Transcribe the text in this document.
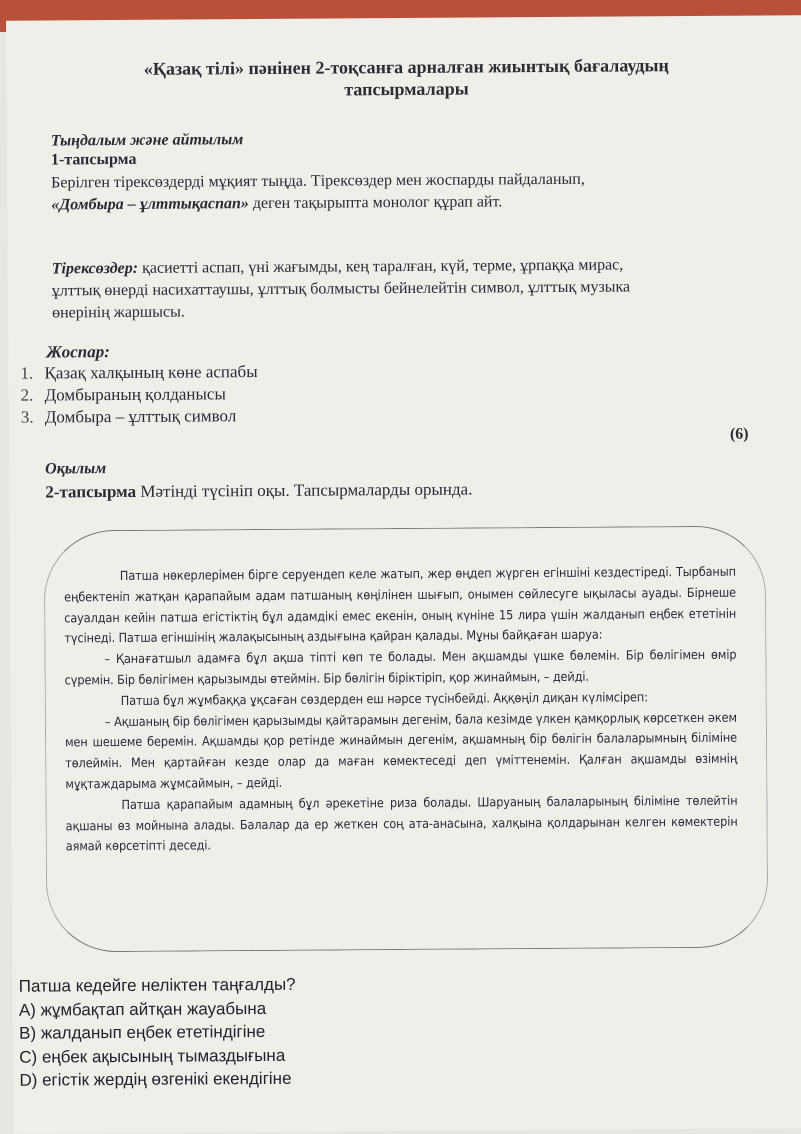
«Қазақ тілі» пәнінен 2-тоқсанға арналған жиынтық бағалаудың
тапсырмалары
Тыңдалым және айтылым
1-тапсырма
Берілген тірексөздерді мұқият тыңда. Тірексөздер мен жоспарды пайдаланып,
«Домбыра – ұлттықаспап» деген тақырыпта монолог құрап айт.
Тірексөздер: қасиетті аспап, үні жағымды, кең таралған, күй, терме, ұрпаққа мирас,
ұлттық өнерді насихаттаушы, ұлттық болмысты бейнелейтін символ, ұлттық музыка
өнерінің жаршысы.
Жоспар:
1. Қазақ халқының көне аспабы
2. Домбыраның қолданысы
3. Домбыра – ұлттық символ
(6)
Оқылым
2-тапсырма Мәтінді түсініп оқы. Тапсырмаларды орында.

Патша нөкерлерімен бірге серуендеп келе жатып, жер өңдеп жүрген егіншіні кездестіреді. Тырбанып еңбектеніп жатқан қарапайым адам патшаның көңілінен шығып, онымен сөйлесуге ықыласы ауады. Бірнеше сауалдан кейін патша егістіктің бұл адамдікі емес екенін, оның күніне 15 лира үшін жалданып еңбек ететінін түсінеді. Патша егіншінің жалақысының аздығына қайран қалады. Мұны байқаған шаруа:

– Қанағатшыл адамға бұл ақша тіпті көп те болады. Мен ақшамды үшке бөлемін. Бір бөлігімен өмір сүремін. Бір бөлігімен қарызымды өтеймін. Бір бөлігін біріктіріп, қор жинаймын, – дейді.

Патша бұл жұмбаққа ұқсаған сөздерден еш нәрсе түсінбейді. Аққөңіл диқан күлімсіреп:

– Ақшаның бір бөлігімен қарызымды қайтарамын дегенім, бала кезімде үлкен қамқорлық көрсеткен әкем мен шешеме беремін. Ақшамды қор ретінде жинаймын дегенім, ақшамның бір бөлігін балаларымның біліміне төлеймін. Мен қартайған кезде олар да маған көмектеседі деп үміттенемін. Қалған ақшамды өзімнің мұқтаждарыма жұмсаймын, – дейді.

Патша қарапайым адамның бұл әрекетіне риза болады. Шаруаның балаларының біліміне төлейтін ақшаны өз мойнына алады. Балалар да ер жеткен соң ата-анасына, халқына қолдарынан келген көмектерін аямай көрсетіпті деседі.

Патша кедейге неліктен таңғалды?
A) жұмбақтап айтқан жауабына
B) жалданып еңбек ететіндігіне
C) еңбек ақысының тымаздығына
D) егістік жердің өзгенікі екендігіне
